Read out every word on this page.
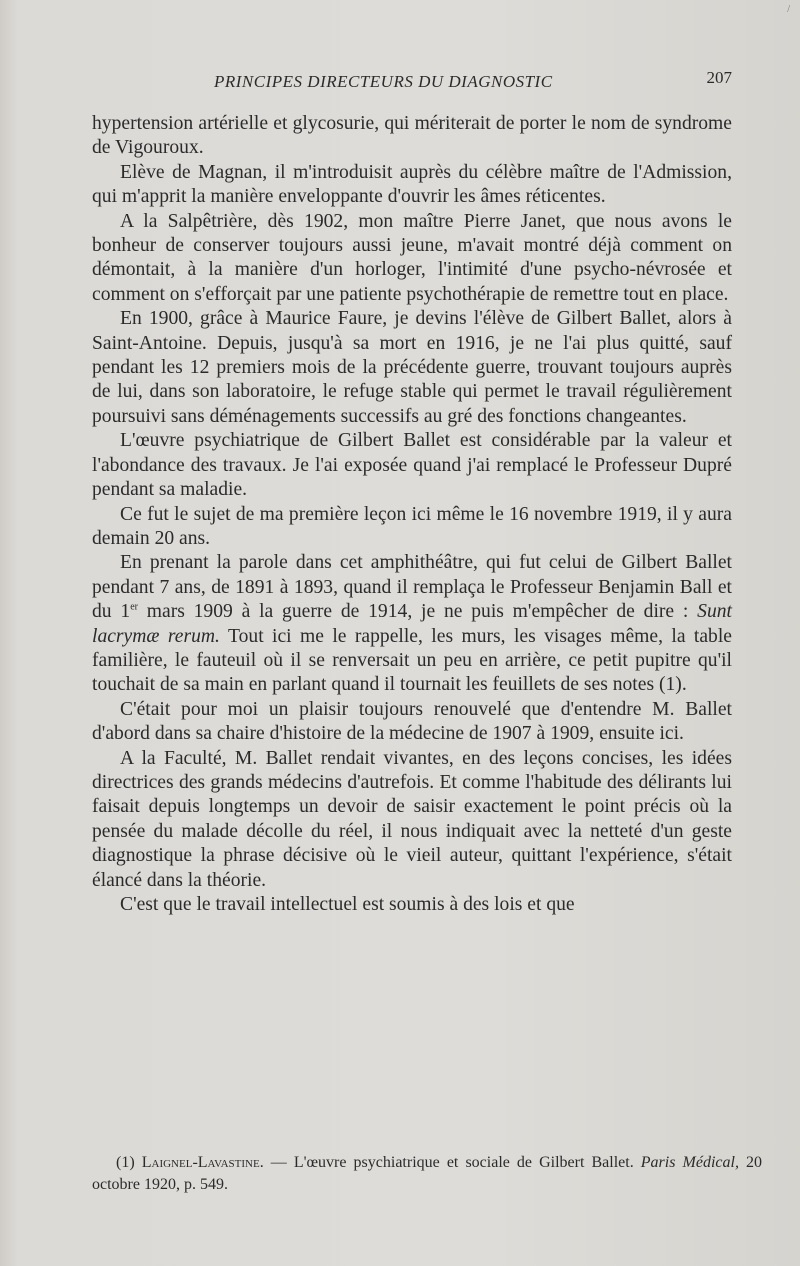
/
PRINCIPES DIRECTEURS DU DIAGNOSTIC	207

hypertension artérielle et glycosurie, qui mériterait de porter le nom de syndrome de Vigouroux.

Elève de Magnan, il m'introduisit auprès du célèbre maître de l'Admission, qui m'apprit la manière enveloppante d'ouvrir les âmes réticentes.

A la Salpêtrière, dès 1902, mon maître Pierre Janet, que nous avons le bonheur de conserver toujours aussi jeune, m'avait montré déjà comment on démontait, à la manière d'un horloger, l'intimité d'une psycho-névrosée et comment on s'efforçait par une patiente psychothérapie de remettre tout en place.

En 1900, grâce à Maurice Faure, je devins l'élève de Gilbert Ballet, alors à Saint-Antoine. Depuis, jusqu'à sa mort en 1916, je ne l'ai plus quitté, sauf pendant les 12 premiers mois de la précédente guerre, trouvant toujours auprès de lui, dans son laboratoire, le refuge stable qui permet le travail régulièrement poursuivi sans déménagements successifs au gré des fonctions changeantes.

L'œuvre psychiatrique de Gilbert Ballet est considérable par la valeur et l'abondance des travaux. Je l'ai exposée quand j'ai remplacé le Professeur Dupré pendant sa maladie.

Ce fut le sujet de ma première leçon ici même le 16 novembre 1919, il y aura demain 20 ans.

En prenant la parole dans cet amphithéâtre, qui fut celui de Gilbert Ballet pendant 7 ans, de 1891 à 1893, quand il remplaça le Professeur Benjamin Ball et du 1er mars 1909 à la guerre de 1914, je ne puis m'empêcher de dire : Sunt lacrymæ rerum. Tout ici me le rappelle, les murs, les visages même, la table familière, le fauteuil où il se renversait un peu en arrière, ce petit pupitre qu'il touchait de sa main en parlant quand il tournait les feuillets de ses notes (1).

C'était pour moi un plaisir toujours renouvelé que d'entendre M. Ballet d'abord dans sa chaire d'histoire de la médecine de 1907 à 1909, ensuite ici.

A la Faculté, M. Ballet rendait vivantes, en des leçons concises, les idées directrices des grands médecins d'autrefois. Et comme l'habitude des délirants lui faisait depuis longtemps un devoir de saisir exactement le point précis où la pensée du malade décolle du réel, il nous indiquait avec la netteté d'un geste diagnostique la phrase décisive où le vieil auteur, quittant l'expérience, s'était élancé dans la théorie.

C'est que le travail intellectuel est soumis à des lois et que

(1) Laignel-Lavastine. — L'œuvre psychiatrique et sociale de Gilbert Ballet. Paris Médical, 20 octobre 1920, p. 549.
